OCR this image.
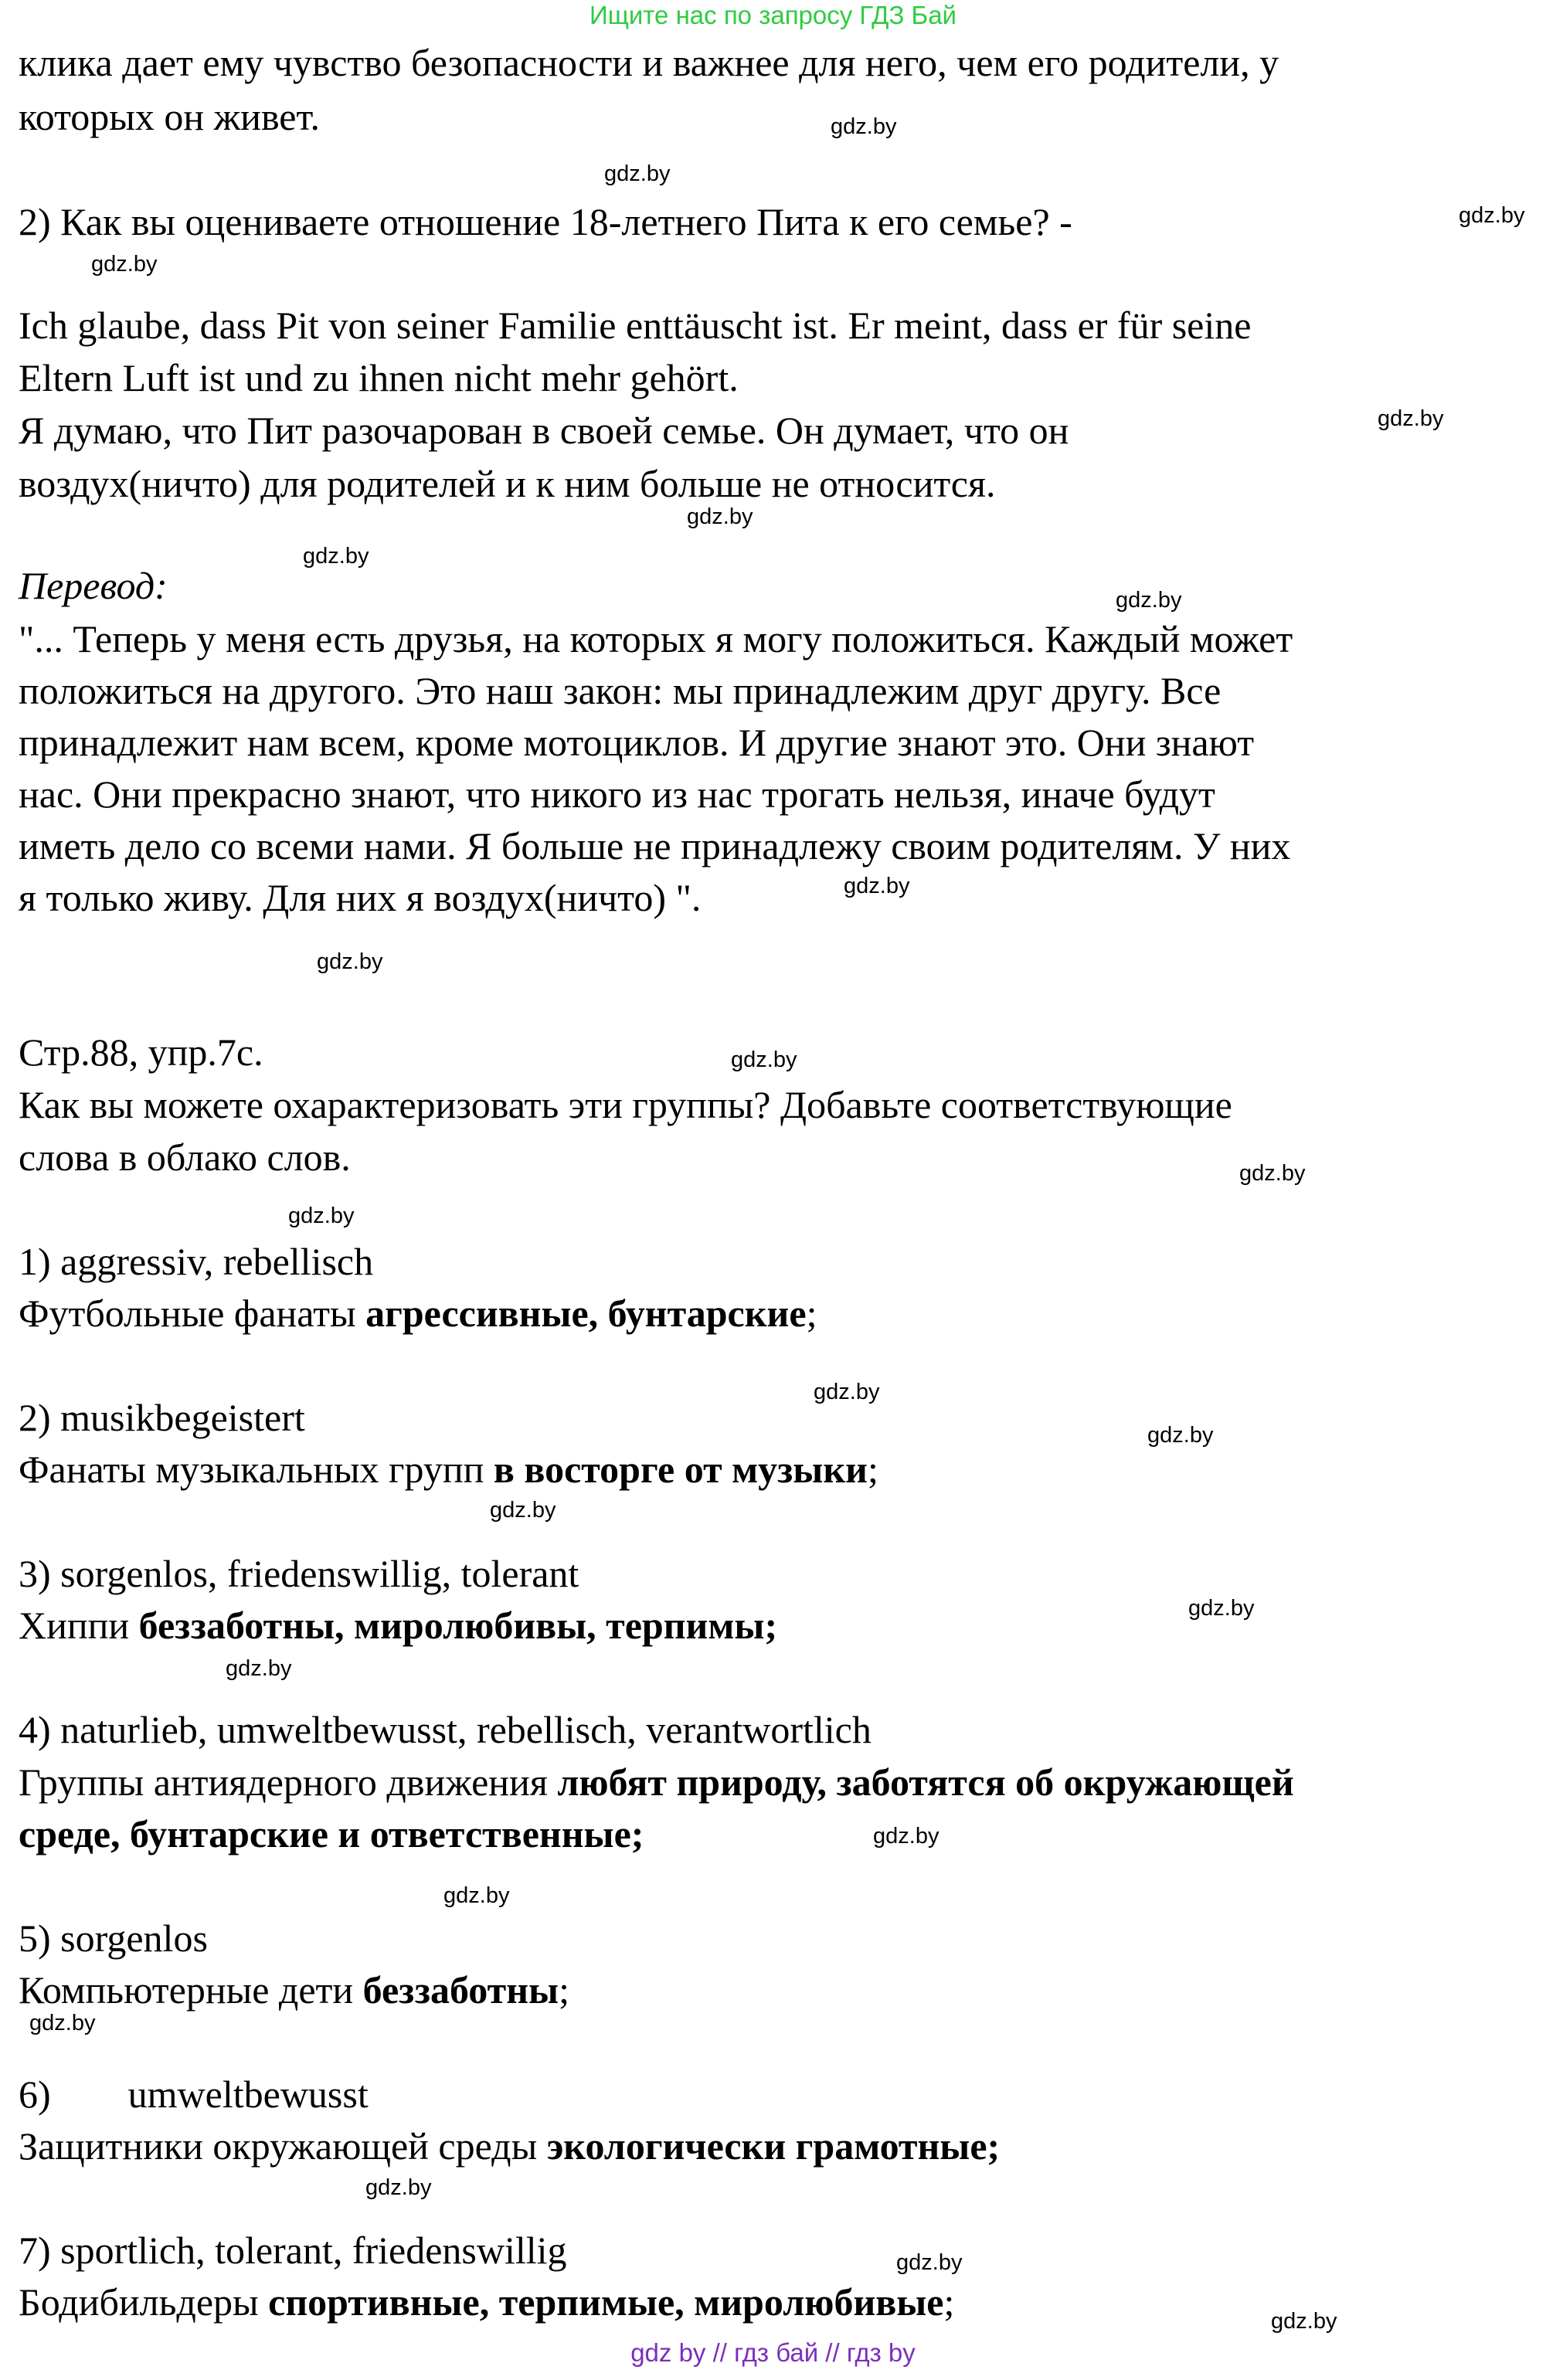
Ищите нас по запросу ГДЗ Бай
клика дает ему чувство безопасности и важнее для него, чем его родители, у
которых он живет.
2) Как вы оцениваете отношение 18-летнего Пита к его семье? -
Ich glaube, dass Pit von seiner Familie enttäuscht ist. Er meint, dass er für seine
Eltern Luft ist und zu ihnen nicht mehr gehört.
Я думаю, что Пит разочарован в своей семье. Он думает, что он
воздух(ничто) для родителей и к ним больше не относится.
Перевод:
"... Теперь у меня есть друзья, на которых я могу положиться. Каждый может
положиться на другого. Это наш закон: мы принадлежим друг другу. Все
принадлежит нам всем, кроме мотоциклов. И другие знают это. Они знают
нас. Они прекрасно знают, что никого из нас трогать нельзя, иначе будут
иметь дело со всеми нами. Я больше не принадлежу своим родителям. У них
я только живу. Для них я воздух(ничто) ".
Стр.88, упр.7с.
Как вы можете охарактеризовать эти группы? Добавьте соответствующие
слова в облако слов.
1) aggressiv, rebellisch
Футбольные фанаты агрессивные, бунтарские;
2) musikbegeistert
Фанаты музыкальных групп в восторге от музыки;
3) sorgenlos, friedenswillig, tolerant
Хиппи беззаботны, миролюбивы, терпимы;
4) naturlieb, umweltbewusst, rebellisch, verantwortlich
Группы антиядерного движения любят природу, заботятся об окружающей
среде, бунтарские и ответственные;
5) sorgenlos
Компьютерные дети беззаботны;
6) umweltbewusst
Защитники окружающей среды экологически грамотные;
7) sportlich, tolerant, friedenswillig
Бодибильдеры спортивные, терпимые, миролюбивые;
gdz.by
gdz.by
gdz.by
gdz.by
gdz.by
gdz.by
gdz.by
gdz.by
gdz.by
gdz.by
gdz.by
gdz.by
gdz.by
gdz.by
gdz.by
gdz.by
gdz.by
gdz.by
gdz.by
gdz.by
gdz.by
gdz.by
gdz.by
gdz.by
gdz by // гдз бай // гдз by
